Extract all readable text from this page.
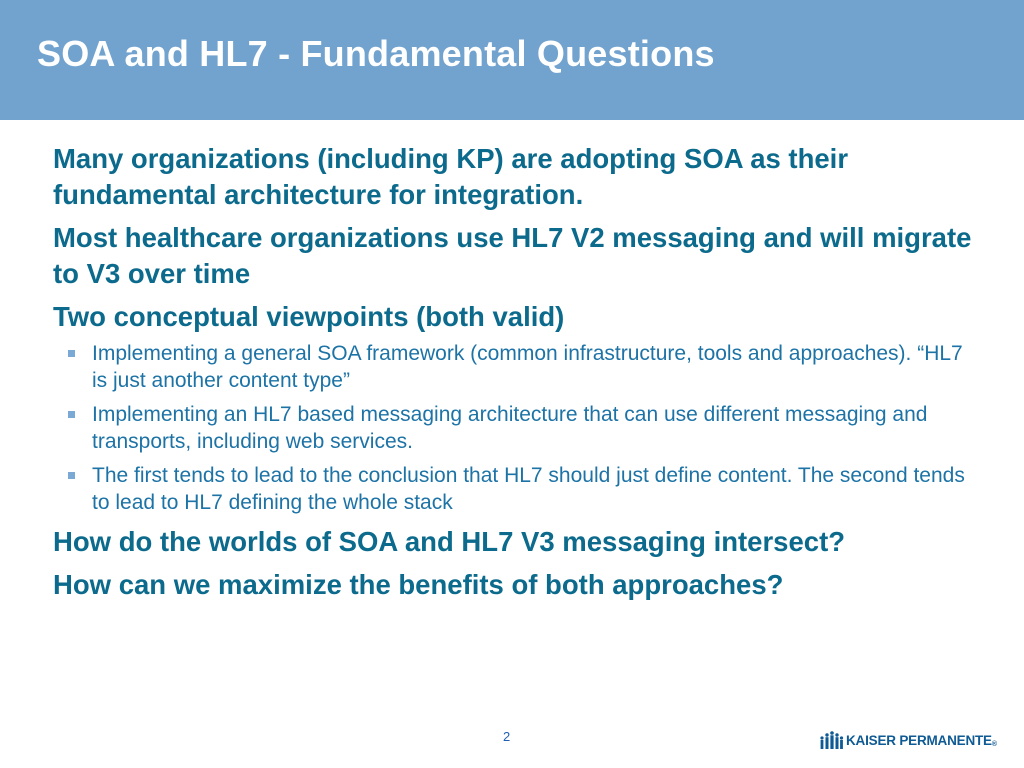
SOA and HL7 - Fundamental Questions

Many organizations (including KP) are adopting SOA as their fundamental architecture for integration.

Most healthcare organizations use HL7 V2 messaging and will migrate to V3 over time

Two conceptual viewpoints (both valid)

Implementing a general SOA framework (common infrastructure, tools and approaches). “HL7 is just another content type”
Implementing an HL7 based messaging architecture that can use different messaging and transports, including web services.
The first tends to lead to the conclusion that HL7 should just define content. The second tends to lead to HL7 defining the whole stack

How do the worlds of SOA and HL7 V3 messaging intersect?

How can we maximize the benefits of both approaches?

2	KAISER PERMANENTE®
